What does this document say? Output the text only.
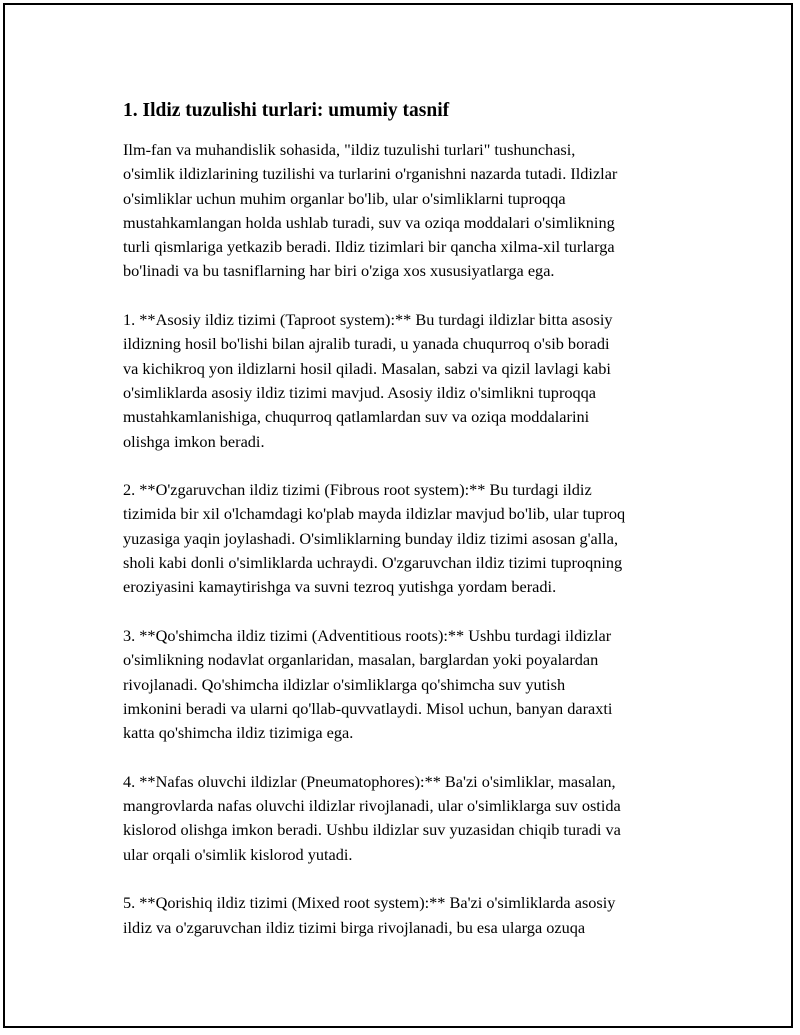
1. Ildiz tuzulishi turlari: umumiy tasnif

Ilm-fan va muhandislik sohasida, "ildiz tuzulishi turlari" tushunchasi,
o'simlik ildizlarining tuzilishi va turlarini o'rganishni nazarda tutadi. Ildizlar
o'simliklar uchun muhim organlar bo'lib, ular o'simliklarni tuproqqa
mustahkamlangan holda ushlab turadi, suv va oziqa moddalari o'simlikning
turli qismlariga yetkazib beradi. Ildiz tizimlari bir qancha xilma-xil turlarga
bo'linadi va bu tasniflarning har biri o'ziga xos xususiyatlarga ega.

1. **Asosiy ildiz tizimi (Taproot system):** Bu turdagi ildizlar bitta asosiy
ildizning hosil bo'lishi bilan ajralib turadi, u yanada chuqurroq o'sib boradi
va kichikroq yon ildizlarni hosil qiladi. Masalan, sabzi va qizil lavlagi kabi
o'simliklarda asosiy ildiz tizimi mavjud. Asosiy ildiz o'simlikni tuproqqa
mustahkamlanishiga, chuqurroq qatlamlardan suv va oziqa moddalarini
olishga imkon beradi.

2. **O'zgaruvchan ildiz tizimi (Fibrous root system):** Bu turdagi ildiz
tizimida bir xil o'lchamdagi ko'plab mayda ildizlar mavjud bo'lib, ular tuproq
yuzasiga yaqin joylashadi. O'simliklarning bunday ildiz tizimi asosan g'alla,
sholi kabi donli o'simliklarda uchraydi. O'zgaruvchan ildiz tizimi tuproqning
eroziyasini kamaytirishga va suvni tezroq yutishga yordam beradi.

3. **Qo'shimcha ildiz tizimi (Adventitious roots):** Ushbu turdagi ildizlar
o'simlikning nodavlat organlaridan, masalan, barglardan yoki poyalardan
rivojlanadi. Qo'shimcha ildizlar o'simliklarga qo'shimcha suv yutish
imkonini beradi va ularni qo'llab-quvvatlaydi. Misol uchun, banyan daraxti
katta qo'shimcha ildiz tizimiga ega.

4. **Nafas oluvchi ildizlar (Pneumatophores):** Ba'zi o'simliklar, masalan,
mangrovlarda nafas oluvchi ildizlar rivojlanadi, ular o'simliklarga suv ostida
kislorod olishga imkon beradi. Ushbu ildizlar suv yuzasidan chiqib turadi va
ular orqali o'simlik kislorod yutadi.

5. **Qorishiq ildiz tizimi (Mixed root system):** Ba'zi o'simliklarda asosiy
ildiz va o'zgaruvchan ildiz tizimi birga rivojlanadi, bu esa ularga ozuqa
